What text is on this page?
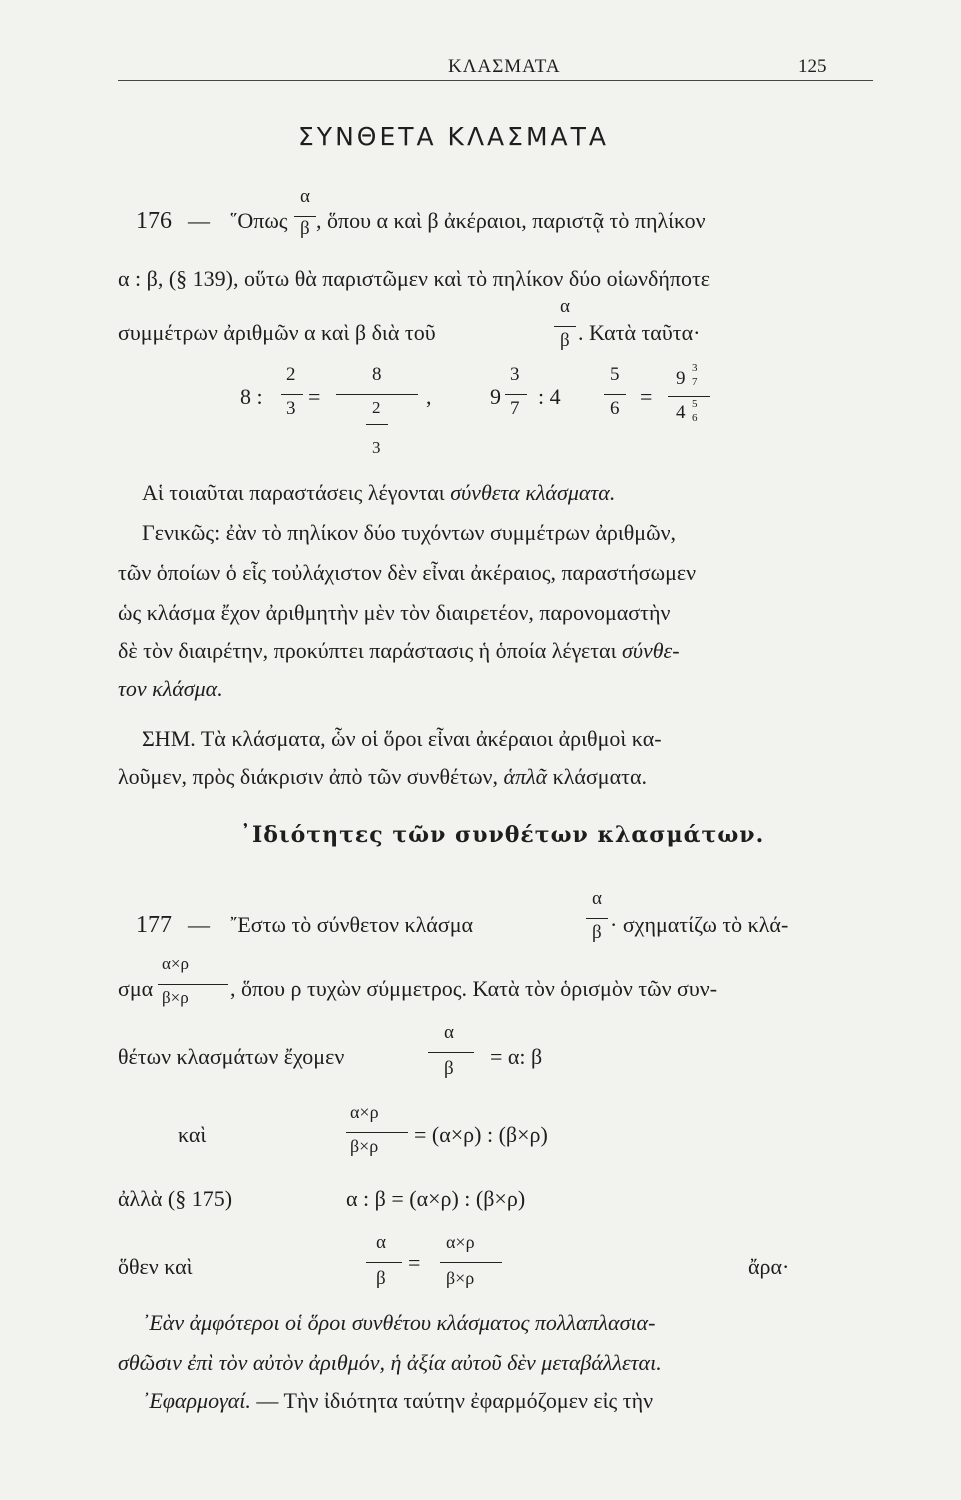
ΚΛΑΣΜΑΤΑ	125
ΣΥΝΘΕΤΑ ΚΛΑΣΜΑΤΑ
176 — ῞Οπως
α
β , ὅπου α καὶ β ἀκέραιοι, παριστᾷ τὸ πηλίκον
α : β, (§ 139), οὕτω θὰ παριστῶμεν καὶ τὸ πηλίκον δύο οἱωνδήποτε
συμμέτρων ἀριθμῶν α καὶ β διὰ τοῦ
α
β . Κατὰ ταῦτα·
8 :
2
3 =
8
2
3
,	9
3
7 : 4
5
6 =
9 3
7
4 5
6
Αἱ τοιαῦται παραστάσεις λέγονται σύνθετα κλάσματα.
Γενικῶς: ἐὰν τὸ πηλίκον δύο τυχόντων συμμέτρων ἀριθμῶν,
τῶν ὁποίων ὁ εἷς τοὐλάχιστον δὲν εἶναι ἀκέραιος, παραστήσωμεν
ὡς κλάσμα ἔχον ἀριθμητὴν μὲν τὸν διαιρετέον, παρονομαστὴν
δὲ τὸν διαιρέτην, προκύπτει παράστασις ἡ ὁποία λέγεται σύνθε-
τον κλάσμα.
ΣΗΜ. Τὰ κλάσματα, ὧν οἱ ὅροι εἶναι ἀκέραιοι ἀριθμοὶ κα-
λοῦμεν, πρὸς διάκρισιν ἀπὸ τῶν συνθέτων, ἁπλᾶ κλάσματα.
᾿Ιδιότητες τῶν συνθέτων κλασμάτων.
177 — ῎Εστω τὸ σύνθετον κλάσμα
α
β · σχηματίζω τὸ κλά-
σμα
α×ρ
β×ρ , ὅπου ρ τυχὼν σύμμετρος. Κατὰ τὸν ὁρισμὸν τῶν συν-
θέτων κλασμάτων ἔχομεν
α
β = α: β
καὶ
α×ρ
β×ρ = (α×ρ) : (β×ρ)
ἀλλὰ (§ 175)	α : β = (α×ρ) : (β×ρ)
ὅθεν καὶ
α
β
=
α×ρ
β×ρ	ἄρα·
᾿Εὰν ἀμφότεροι οἱ ὅροι συνθέτου κλάσματος πολλαπλασια-
σθῶσιν ἐπὶ τὸν αὐτὸν ἀριθμόν, ἡ ἀξία αὐτοῦ δὲν μεταβάλλεται.
᾿Εφαρμογαί. — Τὴν ἰδιότητα ταύτην ἐφαρμόζομεν εἰς τὴν
